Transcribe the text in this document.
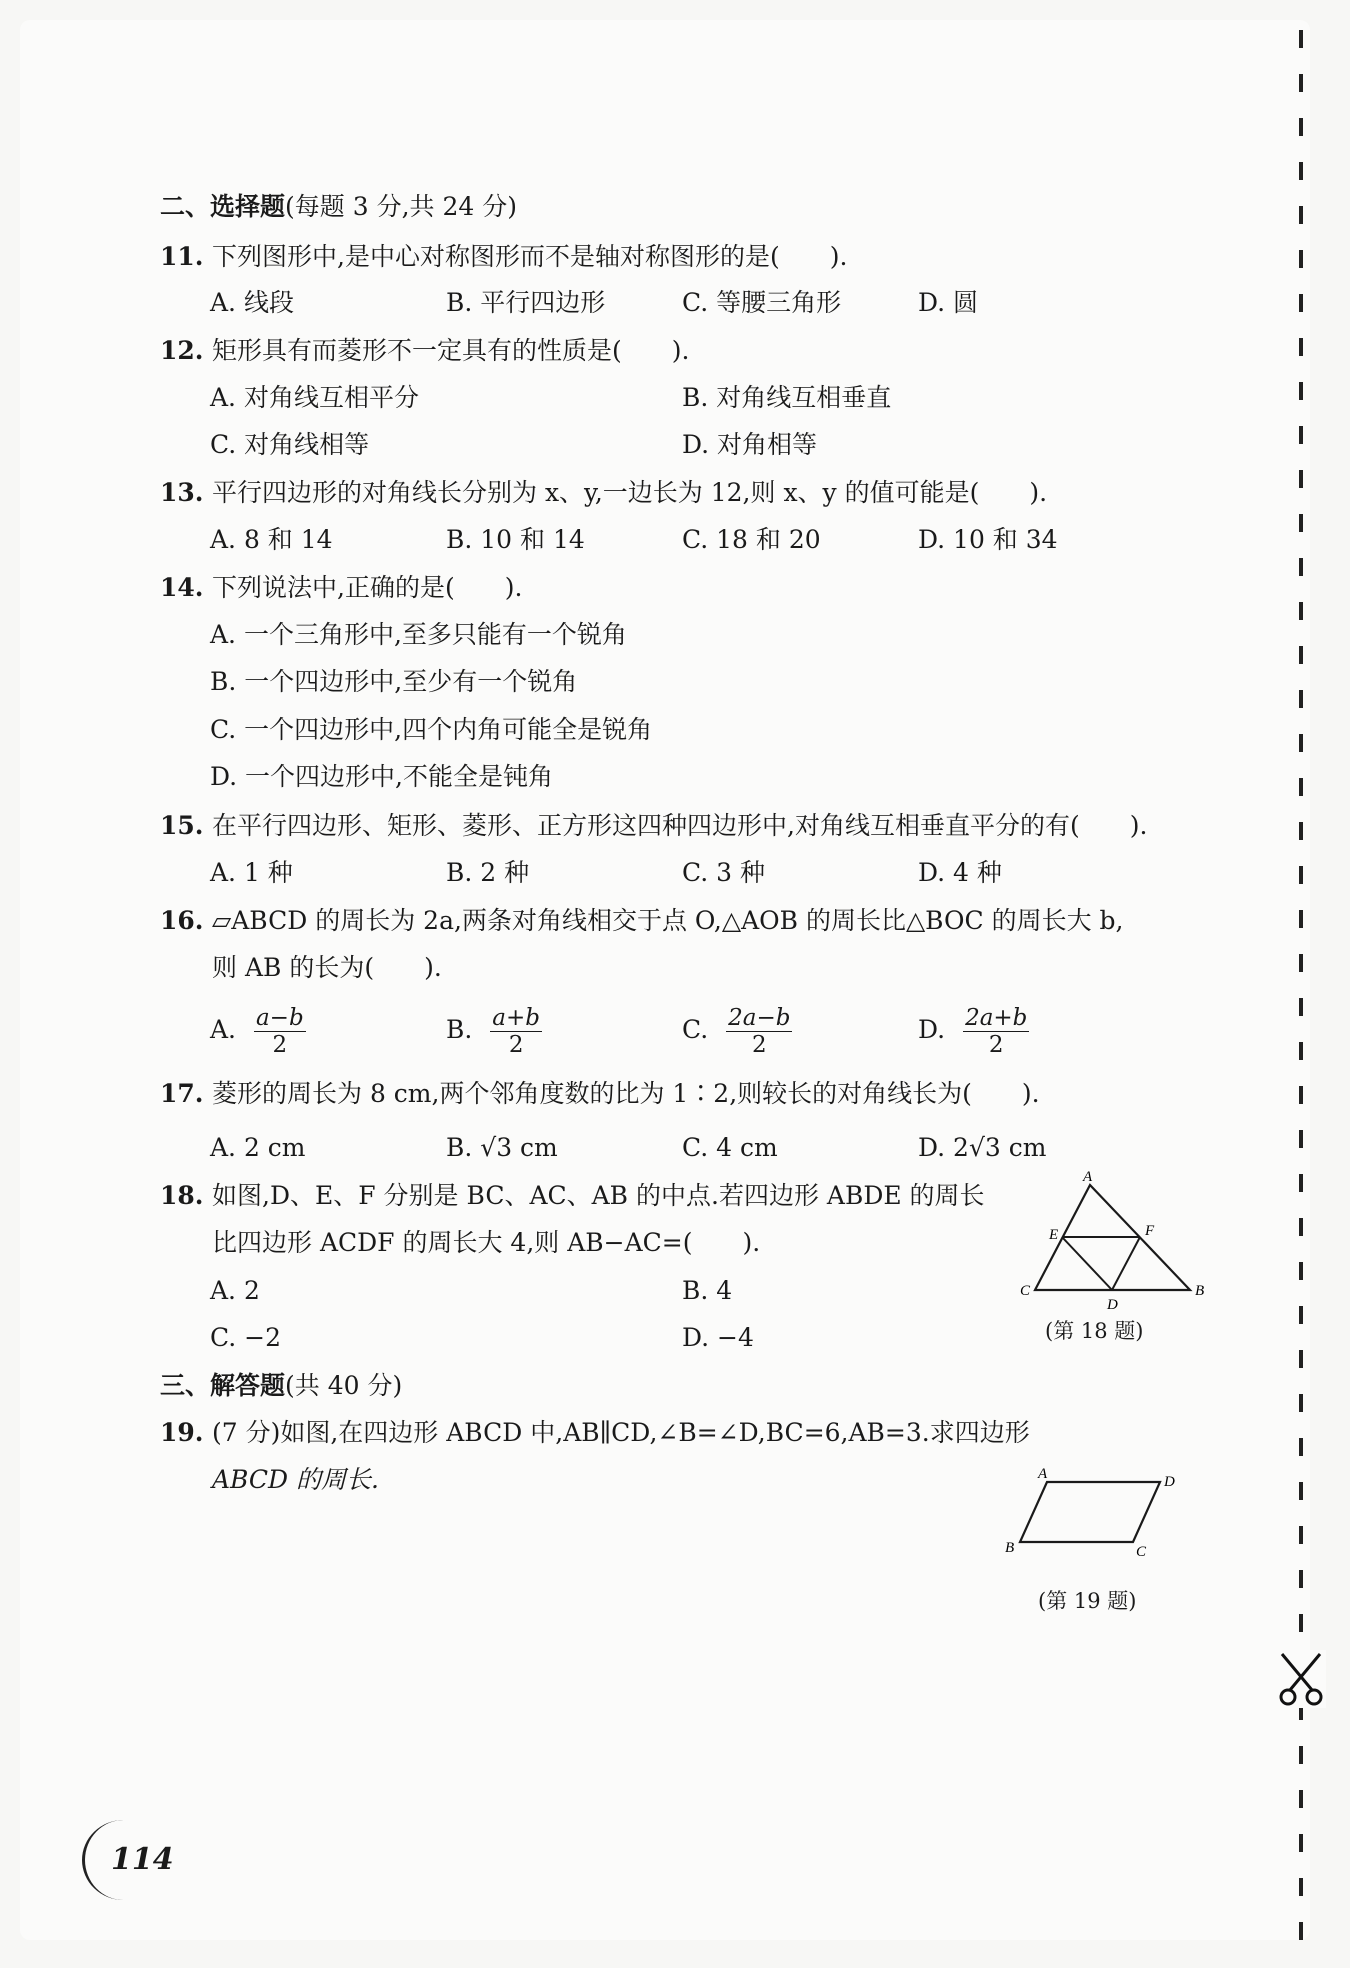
二、选择题(每题 3 分,共 24 分)
11. 下列图形中,是中心对称图形而不是轴对称图形的是(　　).
A. 线段	B. 平行四边形	C. 等腰三角形	D. 圆
12. 矩形具有而菱形不一定具有的性质是(　　).
A. 对角线互相平分	B. 对角线互相垂直
C. 对角线相等	D. 对角相等
13. 平行四边形的对角线长分别为 x、y,一边长为 12,则 x、y 的值可能是(　　).
A. 8 和 14	B. 10 和 14	C. 18 和 20	D. 10 和 34
14. 下列说法中,正确的是(　　).
A. 一个三角形中,至多只能有一个锐角
B. 一个四边形中,至少有一个锐角
C. 一个四边形中,四个内角可能全是锐角
D. 一个四边形中,不能全是钝角
15. 在平行四边形、矩形、菱形、正方形这四种四边形中,对角线互相垂直平分的有(　　).
A. 1 种	B. 2 种	C. 3 种	D. 4 种
16. ▱ABCD 的周长为 2a,两条对角线相交于点 O,△AOB 的周长比△BOC 的周长大 b,
则 AB 的长为(　　).
A. $\frac{a-b}{2}$	B. $\frac{a+b}{2}$	C. $\frac{2a-b}{2}$	D. $\frac{2a+b}{2}$
17. 菱形的周长为 8 cm,两个邻角度数的比为 1∶2,则较长的对角线长为(　　).
A. 2 cm	B. √3 cm	C. 4 cm	D. 2√3 cm
18. 如图,D、E、F 分别是 BC、AC、AB 的中点.若四边形 ABDE 的周长
比四边形 ACDF 的周长大 4,则 AB−AC=(　　).
A. 2	B. 4
C. −2	D. −4
A
B
C
D
E	F
(第 18 题)
三、解答题(共 40 分)
19. (7 分)如图,在四边形 ABCD 中,AB∥CD,∠B=∠D,BC=6,AB=3.求四边形
ABCD 的周长.	A	D
B	C
(第 19 题)
114
